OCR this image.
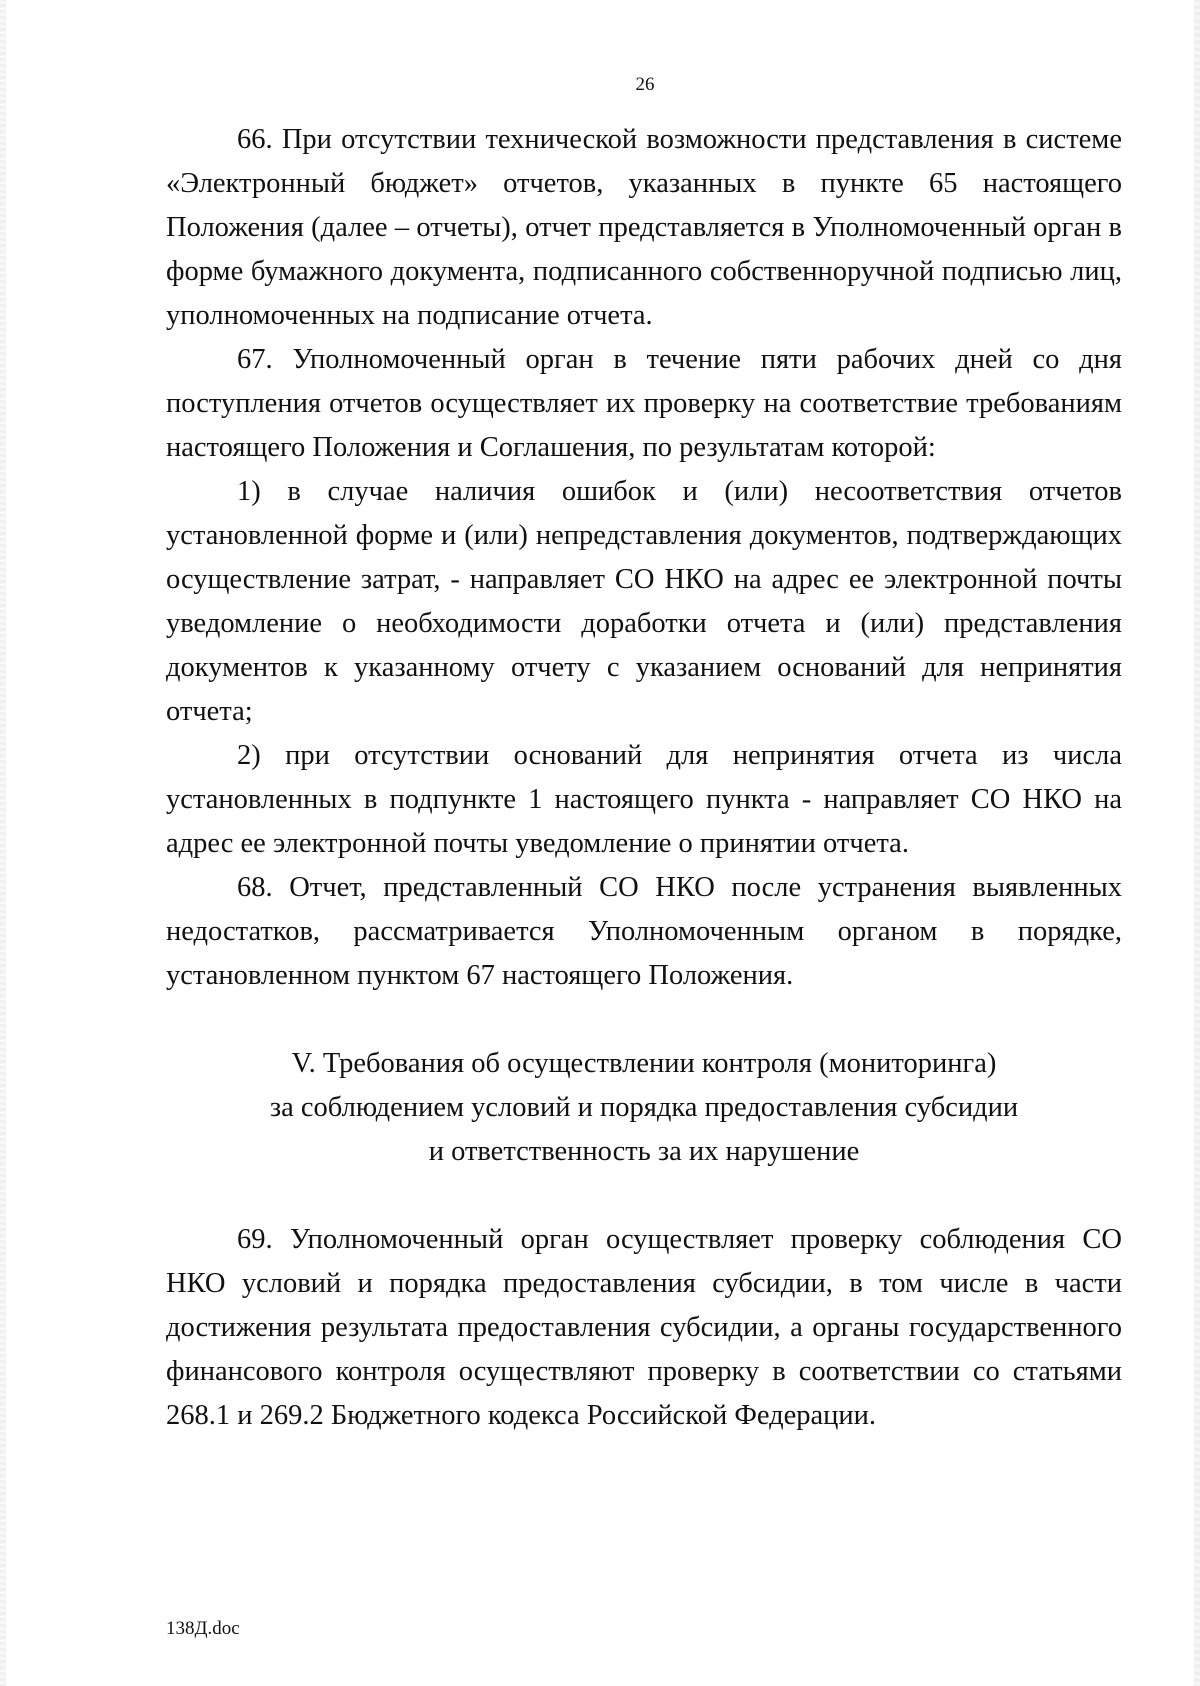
26

66. При отсутствии технической возможности представления в системе «Электронный бюджет» отчетов, указанных в пункте 65 настоящего Положения (далее – отчеты), отчет представляется в Уполномоченный орган в форме бумажного документа, подписанного собственноручной подписью лиц, уполномоченных на подписание отчета.

67. Уполномоченный орган в течение пяти рабочих дней со дня поступления отчетов осуществляет их проверку на соответствие требованиям настоящего Положения и Соглашения, по результатам которой:

1) в случае наличия ошибок и (или) несоответствия отчетов установленной форме и (или) непредставления документов, подтверждающих осуществление затрат, - направляет СО НКО на адрес ее электронной почты уведомление о необходимости доработки отчета и (или) представления документов к указанному отчету с указанием оснований для непринятия отчета;

2) при отсутствии оснований для непринятия отчета из числа установленных в подпункте 1 настоящего пункта - направляет СО НКО на адрес ее электронной почты уведомление о принятии отчета.

68. Отчет, представленный СО НКО после устранения выявленных недостатков, рассматривается Уполномоченным органом в порядке, установленном пунктом 67 настоящего Положения.

V. Требования об осуществлении контроля (мониторинга)
за соблюдением условий и порядка предоставления субсидии
и ответственность за их нарушение

69. Уполномоченный орган осуществляет проверку соблюдения СО НКО условий и порядка предоставления субсидии, в том числе в части достижения результата предоставления субсидии, а органы государственного финансового контроля осуществляют проверку в соответствии со статьями 268.1 и 269.2 Бюджетного кодекса Российской Федерации.

138Д.doc
